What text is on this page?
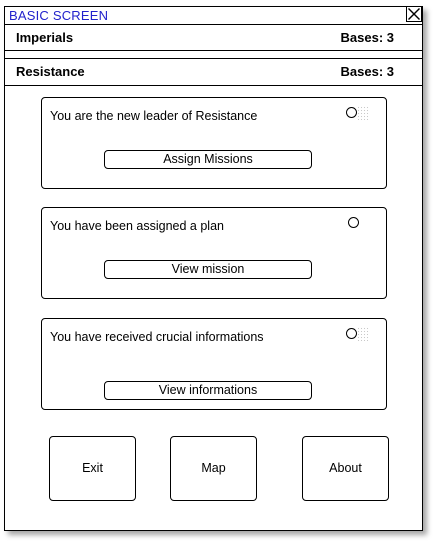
BASIC SCREEN
Imperials	Bases: 3
Resistance	Bases: 3
You are the new leader of Resistance
Assign Missions
You have been assigned a plan
View mission
You have received crucial informations
View informations
Exit	Map	About
